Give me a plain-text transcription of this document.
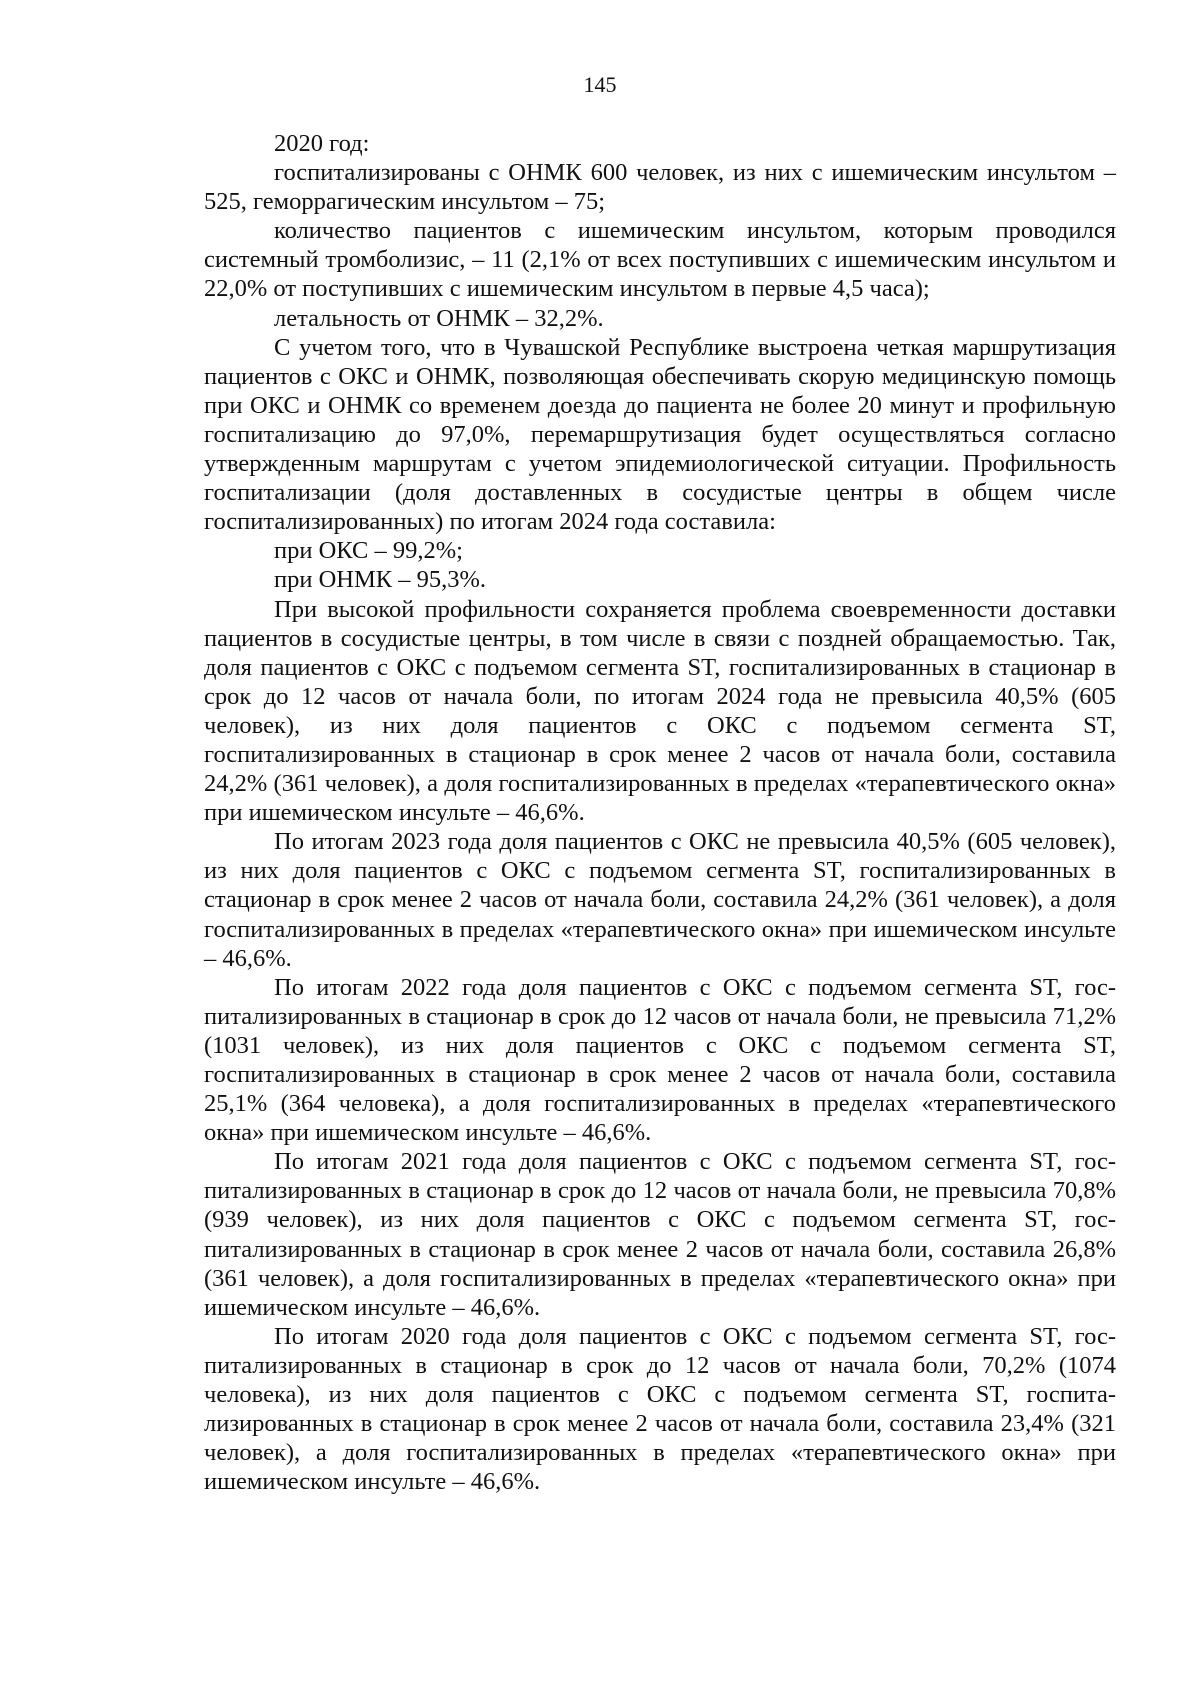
145

2020 год:

госпитализированы с ОНМК 600 человек, из них с ишемическим инсультом – 525, геморрагическим инсультом – 75;

количество пациентов с ишемическим инсультом, которым проводился системный тромболизис, – 11 (2,1% от всех поступивших с ишемическим инсультом и 22,0% от поступивших с ишемическим инсультом в первые 4,5 часа);

летальность от ОНМК – 32,2%.

С учетом того, что в Чувашской Республике выстроена четкая маршрутизация пациентов с ОКС и ОНМК, позволяющая обеспечивать скорую медицинскую помощь при ОКС и ОНМК со временем доезда до пациента не более 20 минут и профильную госпитализацию до 97,0%, перемаршрутизация будет осуществляться согласно утвержденным маршрутам с учетом эпидемиологической ситуации. Профильность госпитализации (доля доставленных в сосудистые центры в общем числе госпитализированных) по итогам 2024 года составила:

при ОКС – 99,2%;

при ОНМК – 95,3%.

При высокой профильности сохраняется проблема своевременности доставки пациентов в сосудистые центры, в том числе в связи с поздней обращаемостью. Так, доля пациентов с ОКС с подъемом сегмента ST, госпитализированных в стационар в срок до 12 часов от начала боли, по итогам 2024 года не превысила 40,5% (605 человек), из них доля пациентов с ОКС с подъемом сегмента ST, госпитализированных в стационар в срок менее 2 часов от начала боли, составила 24,2% (361 человек), а доля госпитализированных в пределах «терапевтического окна» при ишемическом инсульте – 46,6%.

По итогам 2023 года доля пациентов с ОКС не превысила 40,5% (605 человек), из них доля пациентов с ОКС с подъемом сегмента ST, госпитализированных в стационар в срок менее 2 часов от начала боли, составила 24,2% (361 человек), а доля госпитализированных в пределах «терапевтического окна» при ишемическом инсульте – 46,6%.

По итогам 2022 года доля пациентов с ОКС с подъемом сегмента ST, госпитализированных в стационар в срок до 12 часов от начала боли, не превысила 71,2% (1031 человек), из них доля пациентов с ОКС с подъемом сегмента ST, госпитализированных в стационар в срок менее 2 часов от начала боли, составила 25,1% (364 человека), а доля госпитализированных в пределах «терапевтического окна» при ишемическом инсульте – 46,6%.

По итогам 2021 года доля пациентов с ОКС с подъемом сегмента ST, госпитализированных в стационар в срок до 12 часов от начала боли, не превысила 70,8% (939 человек), из них доля пациентов с ОКС с подъемом сегмента ST, госпитализированных в стационар в срок менее 2 часов от начала боли, составила 26,8% (361 человек), а доля госпитализированных в пределах «терапевтического окна» при ишемическом инсульте – 46,6%.

По итогам 2020 года доля пациентов с ОКС с подъемом сегмента ST, госпитализированных в стационар в срок до 12 часов от начала боли, 70,2% (1074 человека), из них доля пациентов с ОКС с подъемом сегмента ST, госпитализированных в стационар в срок менее 2 часов от начала боли, составила 23,4% (321 человек), а доля госпитализированных в пределах «терапевтического окна» при ишемическом инсульте – 46,6%.
